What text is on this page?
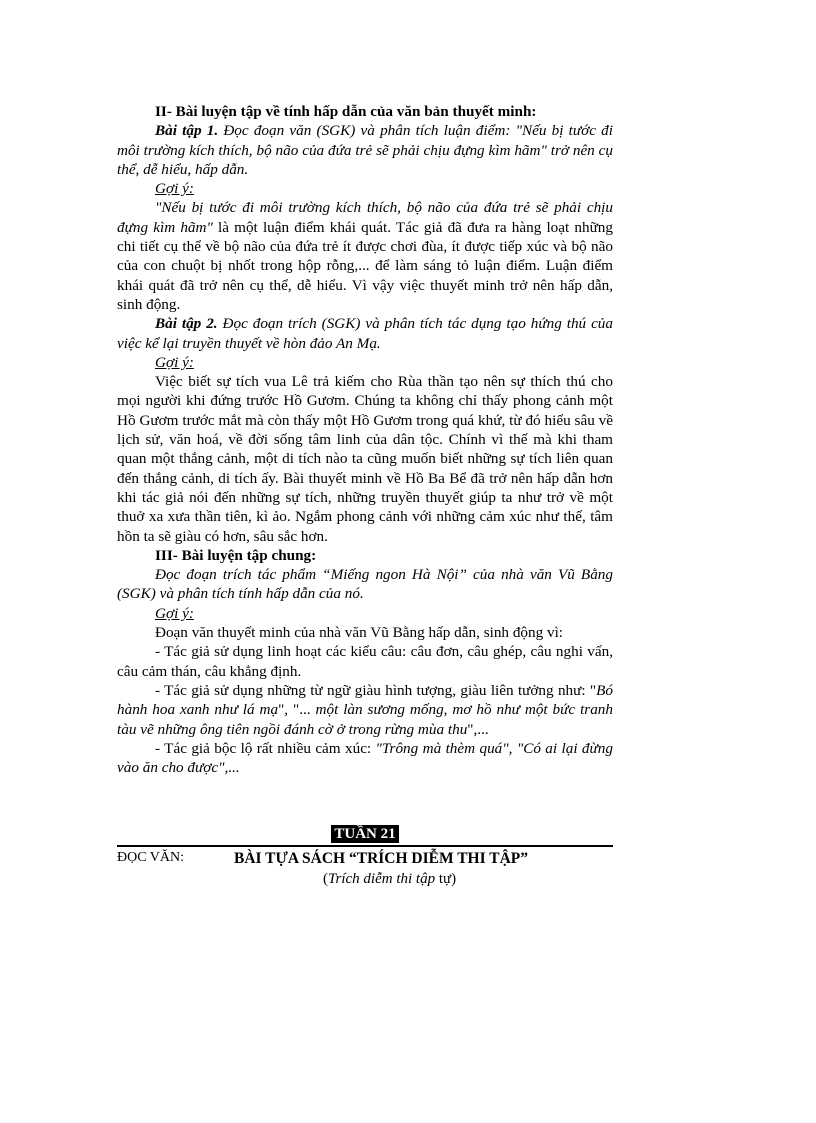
II- Bài luyện tập về tính hấp dẫn của văn bản thuyết minh:

Bài tập 1. Đọc đoạn văn (SGK) và phân tích luận điểm: "Nếu bị tước đi môi trường kích thích, bộ não của đứa trẻ sẽ phải chịu đựng kìm hãm" trở nên cụ thể, dễ hiểu, hấp dẫn.

Gợi ý:

"Nếu bị tước đi môi trường kích thích, bộ não của đứa trẻ sẽ phải chịu đựng kìm hãm" là một luận điểm khái quát. Tác giả đã đưa ra hàng loạt những chi tiết cụ thể về bộ não của đứa trẻ ít được chơi đùa, ít được tiếp xúc và bộ não của con chuột bị nhốt trong hộp rỗng,... để làm sáng tỏ luận điểm. Luận điểm khái quát đã trở nên cụ thể, dễ hiểu. Vì vậy việc thuyết minh trở nên hấp dẫn, sinh động.

Bài tập 2. Đọc đoạn trích (SGK) và phân tích tác dụng tạo hứng thú của việc kể lại truyền thuyết về hòn đảo An Mạ.

Gợi ý:

Việc biết sự tích vua Lê trả kiếm cho Rùa thần tạo nên sự thích thú cho mọi người khi đứng trước Hồ Gươm. Chúng ta không chỉ thấy phong cảnh một Hồ Gươm trước mắt mà còn thấy một Hồ Gươm trong quá khứ, từ đó hiểu sâu về lịch sử, văn hoá, về đời sống tâm linh của dân tộc. Chính vì thế mà khi tham quan một thắng cảnh, một di tích nào ta cũng muốn biết những sự tích liên quan đến thắng cảnh, di tích ấy. Bài thuyết minh về Hồ Ba Bể đã trở nên hấp dẫn hơn khi tác giả nói đến những sự tích, những truyền thuyết giúp ta như trở về một thuở xa xưa thần tiên, kì ảo. Ngắm phong cảnh với những cảm xúc như thế, tâm hồn ta sẽ giàu có hơn, sâu sắc hơn.

III- Bài luyện tập chung:

Đọc đoạn trích tác phẩm “Miếng ngon Hà Nội” của nhà văn Vũ Bằng (SGK) và phân tích tính hấp dẫn của nó.

Gợi ý:

Đoạn văn thuyết minh của nhà văn Vũ Bằng hấp dẫn, sinh động vì:

- Tác giả sử dụng linh hoạt các kiểu câu: câu đơn, câu ghép, câu nghi vấn, câu cảm thán, câu khẳng định.

- Tác giả sử dụng những từ ngữ giàu hình tượng, giàu liên tưởng như: "Bó hành hoa xanh như lá mạ", "... một làn sương mống, mơ hồ như một bức tranh tàu vẽ những ông tiên ngồi đánh cờ ở trong rừng mùa thu",...

- Tác giả bộc lộ rất nhiều cảm xúc: "Trông mà thèm quá", "Có ai lại đừng vào ăn cho được",...

TUẦN 21
ĐỌC VĂN:	BÀI TỰA SÁCH “TRÍCH DIỄM THI TẬP”
(Trích diễm thi tập tự)
